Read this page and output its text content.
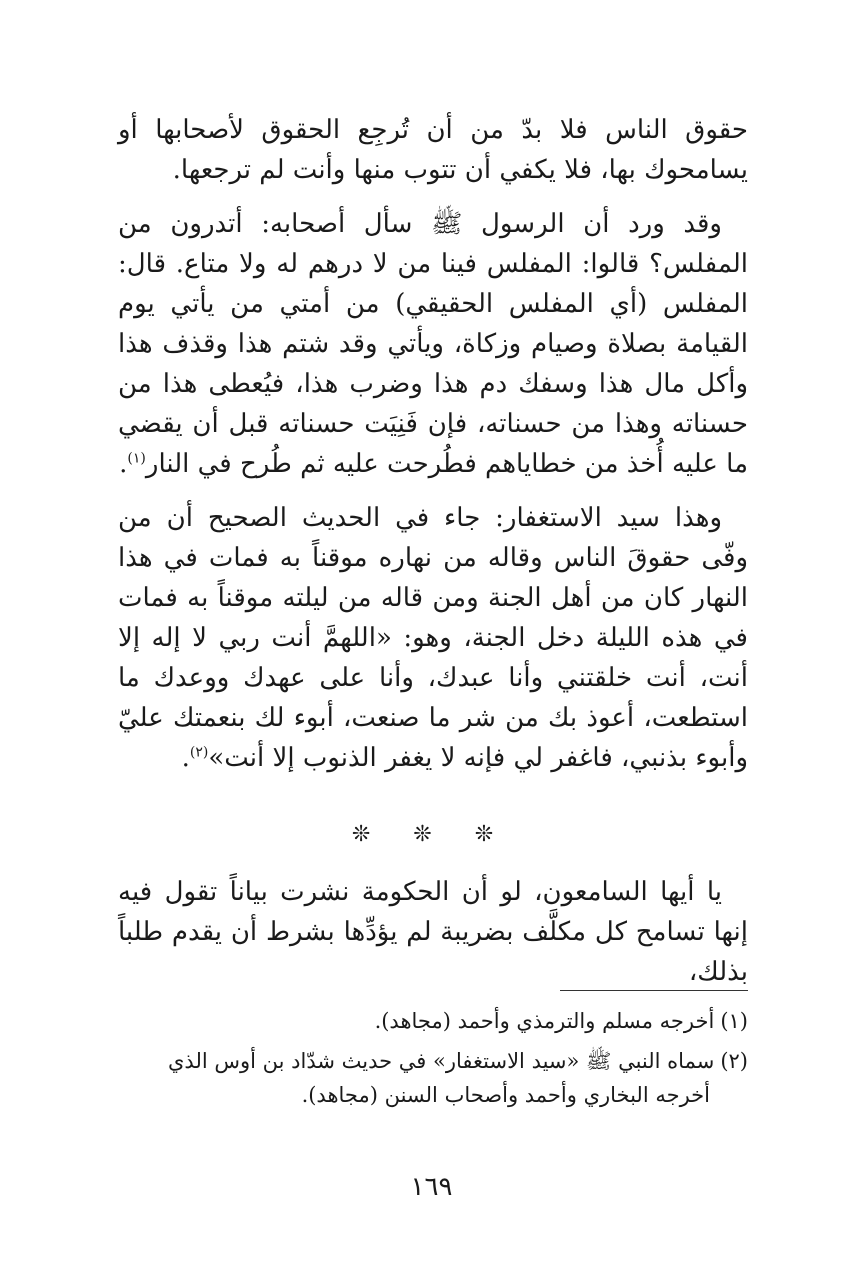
حقوق الناس فلا بدّ من أن تُرجِع الحقوق لأصحابها أو يسامحوك بها، فلا يكفي أن تتوب منها وأنت لم ترجعها.

وقد ورد أن الرسول ﷺ سأل أصحابه: أتدرون من المفلس؟ قالوا: المفلس فينا من لا درهم له ولا متاع. قال: المفلس (أي المفلس الحقيقي) من أمتي من يأتي يوم القيامة بصلاة وصيام وزكاة، ويأتي وقد شتم هذا وقذف هذا وأكل مال هذا وسفك دم هذا وضرب هذا، فيُعطى هذا من حسناته وهذا من حسناته، فإن فَنِيَت حسناته قبل أن يقضي ما عليه أُخذ من خطاياهم فطُرحت عليه ثم طُرح في النار$^{(١)}$.

وهذا سيد الاستغفار: جاء في الحديث الصحيح أن من وفّى حقوقَ الناس وقاله من نهاره موقناً به فمات في هذا النهار كان من أهل الجنة ومن قاله من ليلته موقناً به فمات في هذه الليلة دخل الجنة، وهو: «اللهمَّ أنت ربي لا إله إلا أنت، أنت خلقتني وأنا عبدك، وأنا على عهدك ووعدك ما استطعت، أعوذ بك من شر ما صنعت، أبوء لك بنعمتك عليّ وأبوء بذنبي، فاغفر لي فإنه لا يغفر الذنوب إلا أنت»$^{(٢)}$.

❊ ❊ ❊

يا أيها السامعون، لو أن الحكومة نشرت بياناً تقول فيه إنها تسامح كل مكلَّف بضريبة لم يؤدِّها بشرط أن يقدم طلباً بذلك،

(١)أخرجه مسلم والترمذي وأحمد (مجاهد).

(٢)سماه النبي ﷺ «سيد الاستغفار» في حديث شدّاد بن أوس الذي
أخرجه البخاري وأحمد وأصحاب السنن (مجاهد).

١٦٩
